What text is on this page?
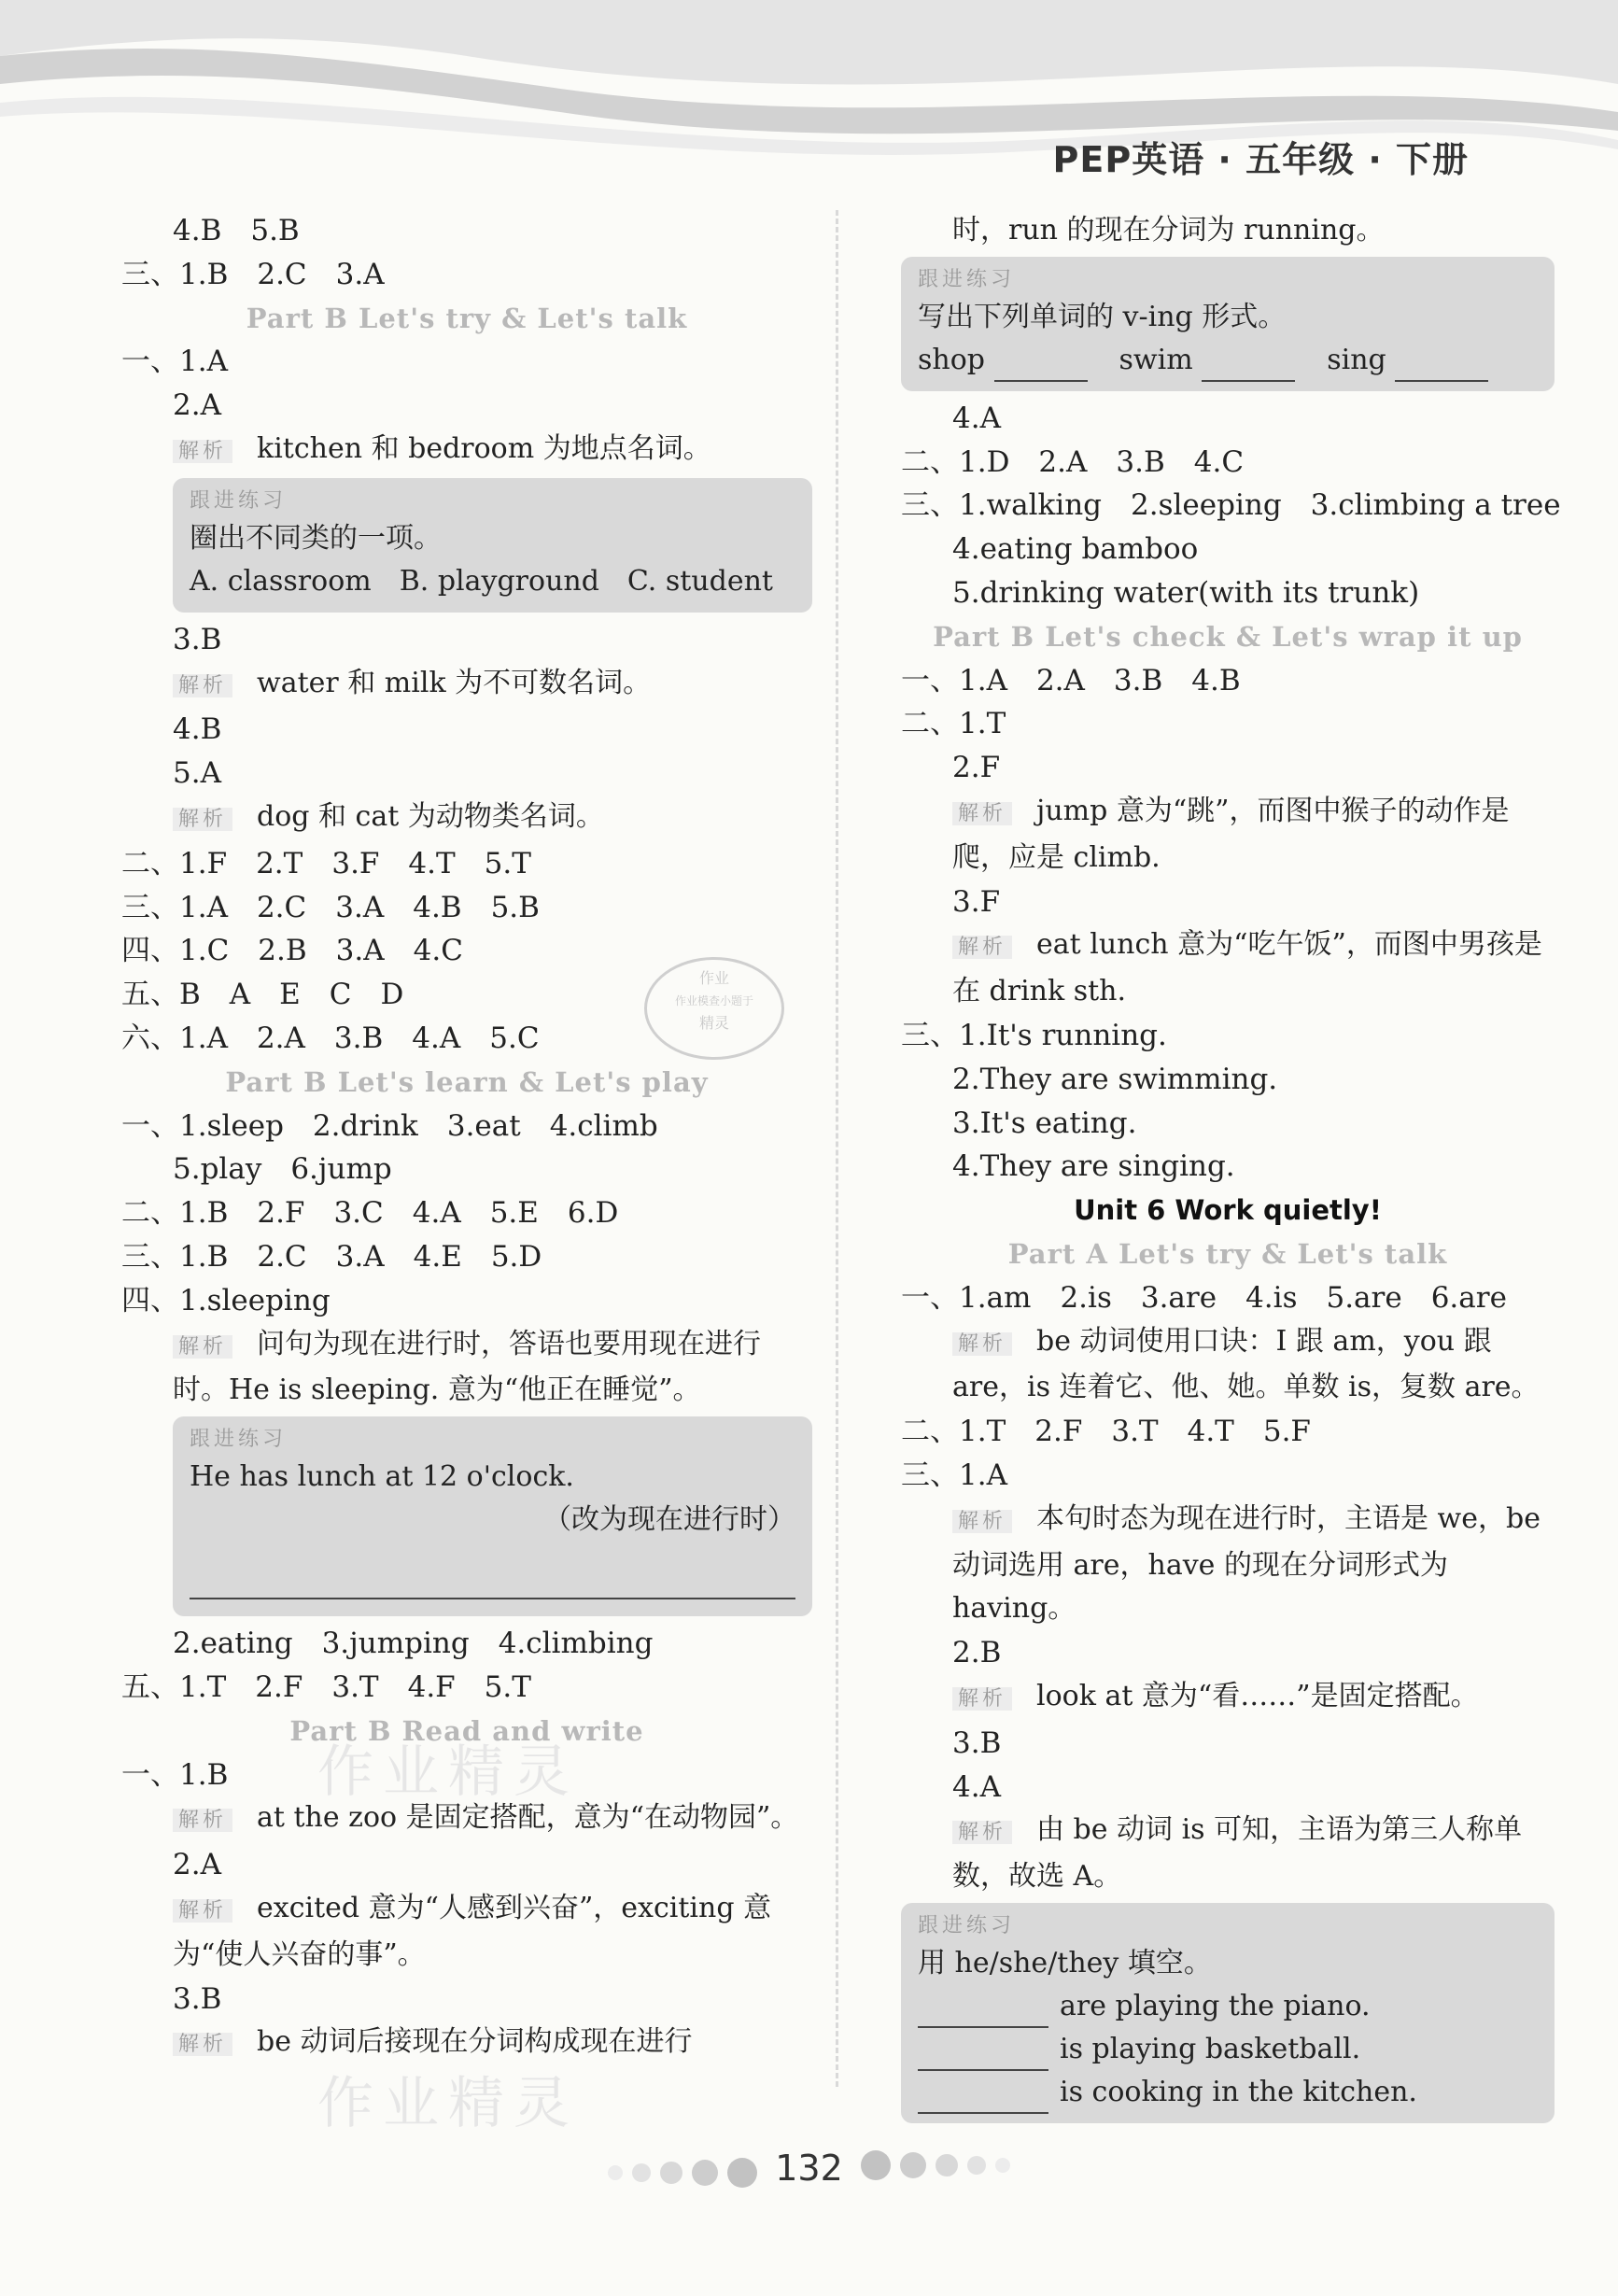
PEP英语 · 五年级 · 下册
作业精灵
作业精灵
作业
作业模查小题于
精灵
4.B　5.B
三、1.B　2.C　3.A
Part B Let's try & Let's talk
一、1.A
2.A
解析 kitchen 和 bedroom 为地点名词。
跟进练习
圈出不同类的一项。
A. classroom　B. playground　C. student
3.B
解析 water 和 milk 为不可数名词。
4.B
5.A
解析 dog 和 cat 为动物类名词。
二、1.F　2.T　3.F　4.T　5.T
三、1.A　2.C　3.A　4.B　5.B
四、1.C　2.B　3.A　4.C
五、B　A　E　C　D
六、1.A　2.A　3.B　4.A　5.C
Part B Let's learn & Let's play
一、1.sleep　2.drink　3.eat　4.climb
5.play　6.jump
二、1.B　2.F　3.C　4.A　5.E　6.D
三、1.B　2.C　3.A　4.E　5.D
四、1.sleeping
解析 问句为现在进行时，答语也要用现在进行时。He is sleeping. 意为“他正在睡觉”。
跟进练习
He has lunch at 12 o'clock.
（改为现在进行时）
2.eating　3.jumping　4.climbing
五、1.T　2.F　3.T　4.F　5.T
Part B Read and write
一、1.B
解析 at the zoo 是固定搭配，意为“在动物园”。
2.A
解析 excited 意为“人感到兴奋”，exciting 意为“使人兴奋的事”。
3.B
解析 be 动词后接现在分词构成现在进行
时，run 的现在分词为 running。
跟进练习
写出下列单词的 v-ing 形式。
shop	swim	sing
4.A
二、1.D　2.A　3.B　4.C
三、1.walking　2.sleeping　3.climbing a tree
4.eating bamboo
5.drinking water(with its trunk)
Part B Let's check & Let's wrap it up
一、1.A　2.A　3.B　4.B
二、1.T
2.F
解析 jump 意为“跳”，而图中猴子的动作是爬，应是 climb.
3.F
解析 eat lunch 意为“吃午饭”，而图中男孩是在 drink sth.
三、1.It's running.
2.They are swimming.
3.It's eating.
4.They are singing.
Unit 6 Work quietly!
Part A Let's try & Let's talk
一、1.am　2.is　3.are　4.is　5.are　6.are
解析 be 动词使用口诀：I 跟 am，you 跟 are，is 连着它、他、她。单数 is，复数 are。
二、1.T　2.F　3.T　4.T　5.F
三、1.A
解析 本句时态为现在进行时，主语是 we，be 动词选用 are，have 的现在分词形式为 having。
2.B
解析 look at 意为“看……”是固定搭配。
3.B
4.A
解析 由 be 动词 is 可知，主语为第三人称单数，故选 A。
跟进练习
用 he/she/they 填空。
are playing the piano.
is playing basketball.
is cooking in the kitchen.
132
